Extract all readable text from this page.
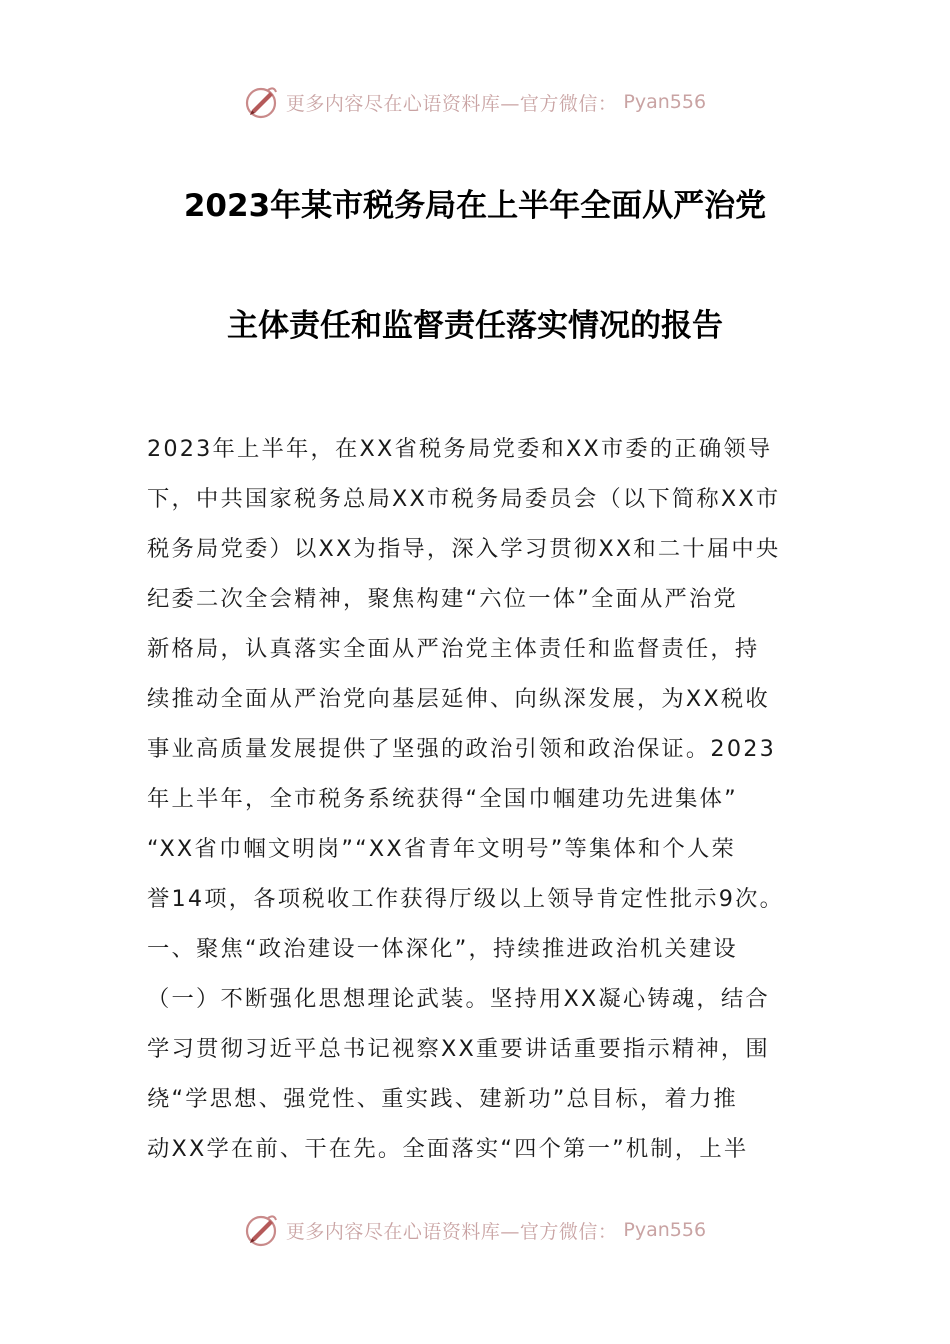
更多内容尽在心语资料库—官方微信： Pyan556
2023年某市税务局在上半年全面从严治党
主体责任和监督责任落实情况的报告
2023年上半年，在XX省税务局党委和XX市委的正确领导
下，中共国家税务总局XX市税务局委员会（以下简称XX市
税务局党委）以XX为指导，深入学习贯彻XX和二十届中央
纪委二次全会精神，聚焦构建“六位一体”全面从严治党
新格局，认真落实全面从严治党主体责任和监督责任，持
续推动全面从严治党向基层延伸、向纵深发展，为XX税收
事业高质量发展提供了坚强的政治引领和政治保证。2023
年上半年，全市税务系统获得“全国巾帼建功先进集体”
“XX省巾帼文明岗”“XX省青年文明号”等集体和个人荣
誉14项，各项税收工作获得厅级以上领导肯定性批示9次。
一、聚焦“政治建设一体深化”，持续推进政治机关建设
（一）不断强化思想理论武装。坚持用XX凝心铸魂，结合
学习贯彻习近平总书记视察XX重要讲话重要指示精神，围
绕“学思想、强党性、重实践、建新功”总目标，着力推
动XX学在前、干在先。全面落实“四个第一”机制，上半
更多内容尽在心语资料库—官方微信： Pyan556
